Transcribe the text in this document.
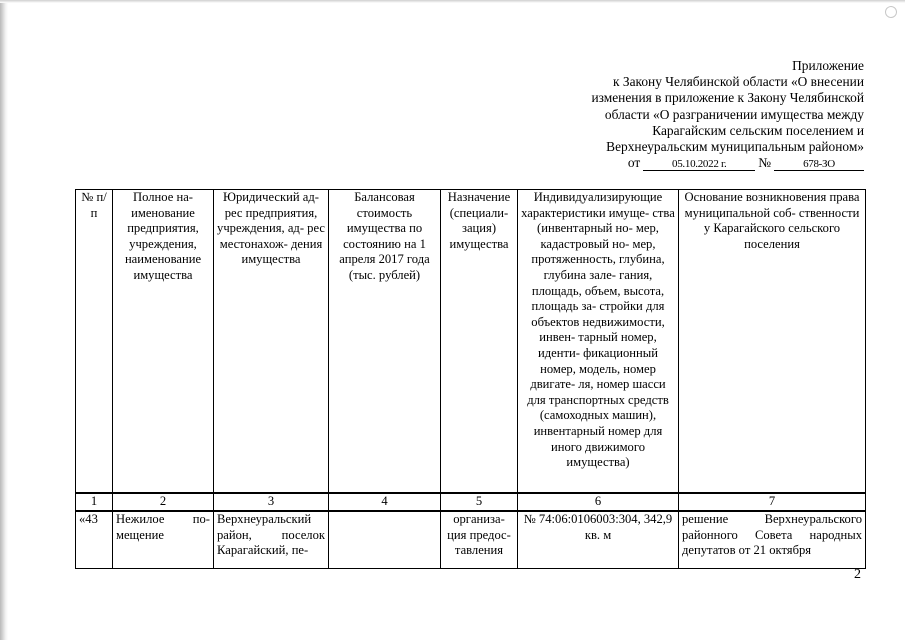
Приложение
к Закону Челябинской области «О внесении
изменения в приложение к Закону Челябинской
области «О разграничении имущества между
Карагайским сельским поселением и
Верхнеуральским муниципальным районом»
от	05.10.2022 г.	№	678-ЗО
№ п/п	Полное на- именование предприятия, учреждения, наименование имущества	Юридический ад- рес предприятия, учреждения, ад- рес местонахож- дения имущества	Балансовая стоимость имущества по состоянию на 1 апреля 2017 года (тыс. рублей)	Назначение (специали- зация) имущества	Индивидуализирующие характеристики имуще- ства (инвентарный но- мер, кадастровый но- мер, протяженность, глубина, глубина зале- гания, площадь, объем, высота, площадь за- стройки для объектов недвижимости, инвен- тарный номер, иденти- фикационный номер, модель, номер двигате- ля, номер шасси для транспортных средств (самоходных машин), инвентарный номер для иного движимого имущества)	Основание возникновения права муниципальной соб- ственности у Карагайского сельского поселения
1	2	3	4	5	6	7
«43	Нежилое по- мещение	Верхнеуральский район, поселок Карагайский, пе-		организа- ция предос- тавления	№ 74:06:0106003:304, 342,9 кв. м	решение Верхнеуральского районного Совета народных депутатов от 21 октября
2
